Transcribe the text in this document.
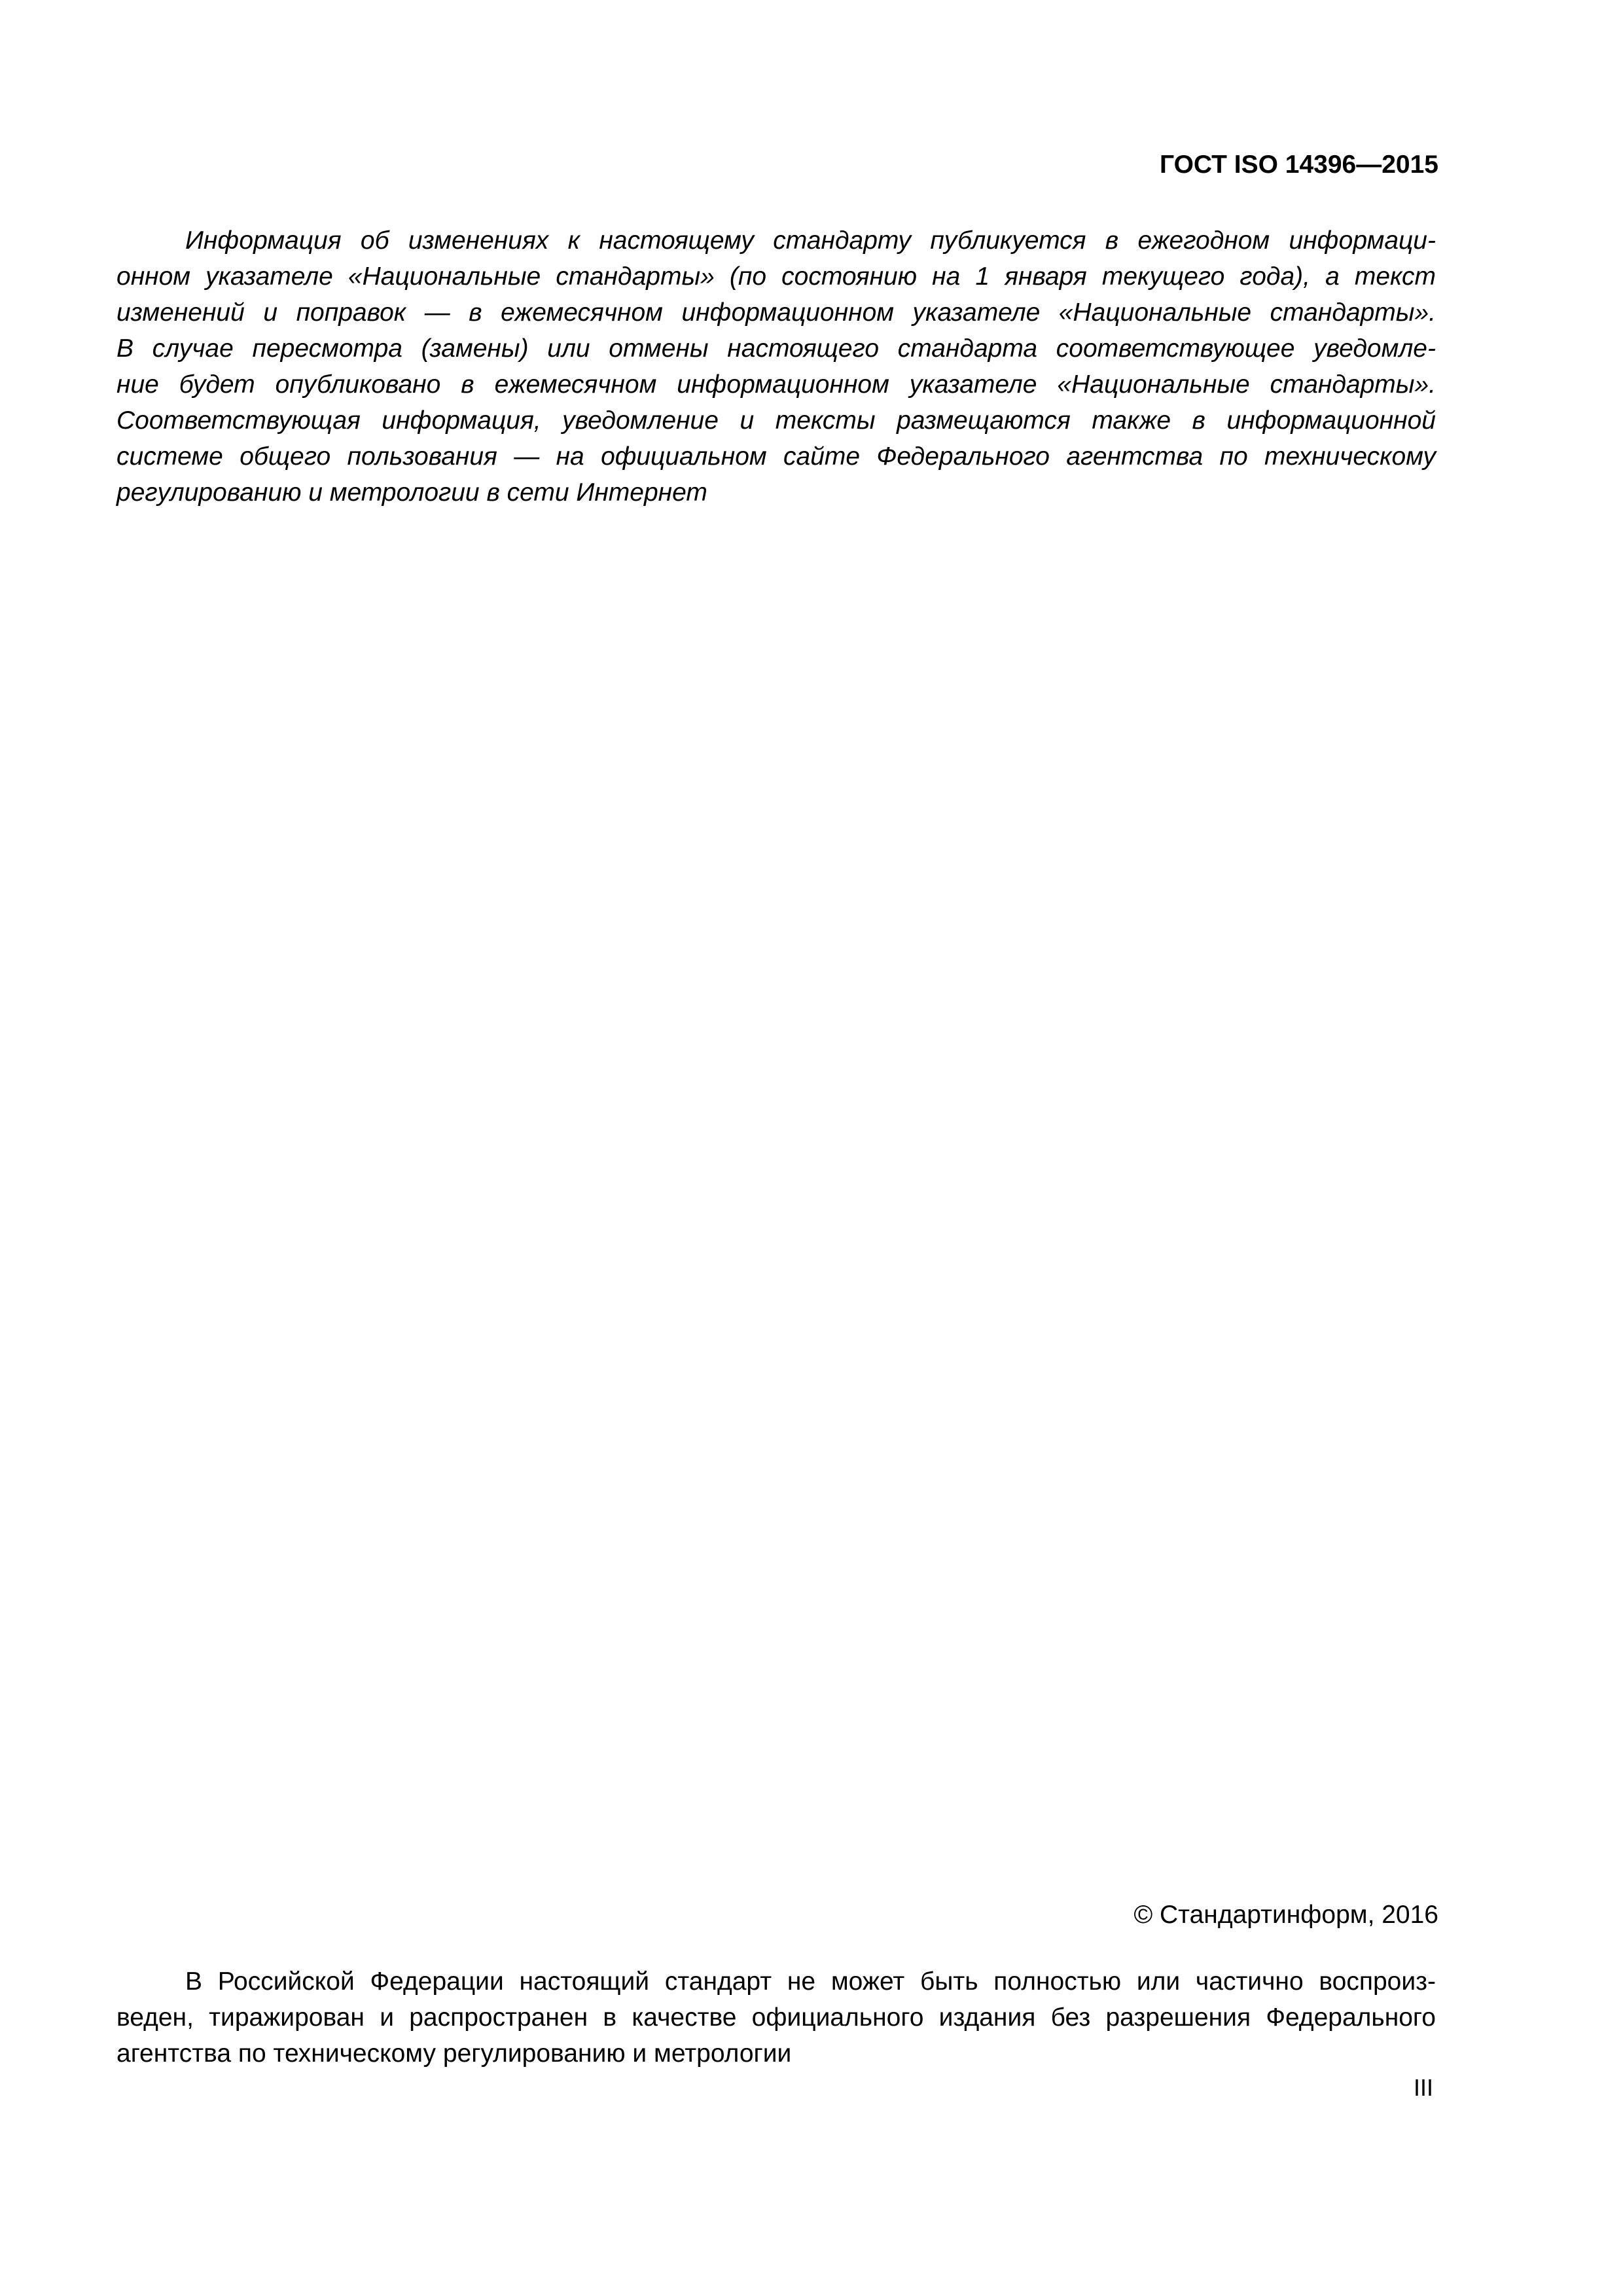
ГОСТ ISO 14396—2015
Информация об изменениях к настоящему стандарту публикуется в ежегодном информаци-
онном указателе «Национальные стандарты» (по состоянию на 1 января текущего года), а текст
изменений и поправок — в ежемесячном информационном указателе «Национальные стандарты».
В случае пересмотра (замены) или отмены настоящего стандарта соответствующее уведомле-
ние будет опубликовано в ежемесячном информационном указателе «Национальные стандарты».
Соответствующая информация, уведомление и тексты размещаются также в информационной
системе общего пользования — на официальном сайте Федерального агентства по техническому
регулированию и метрологии в сети Интернет
© Стандартинформ, 2016
В Российской Федерации настоящий стандарт не может быть полностью или частично воспроиз-
веден, тиражирован и распространен в качестве официального издания без разрешения Федерального
агентства по техническому регулированию и метрологии
III
